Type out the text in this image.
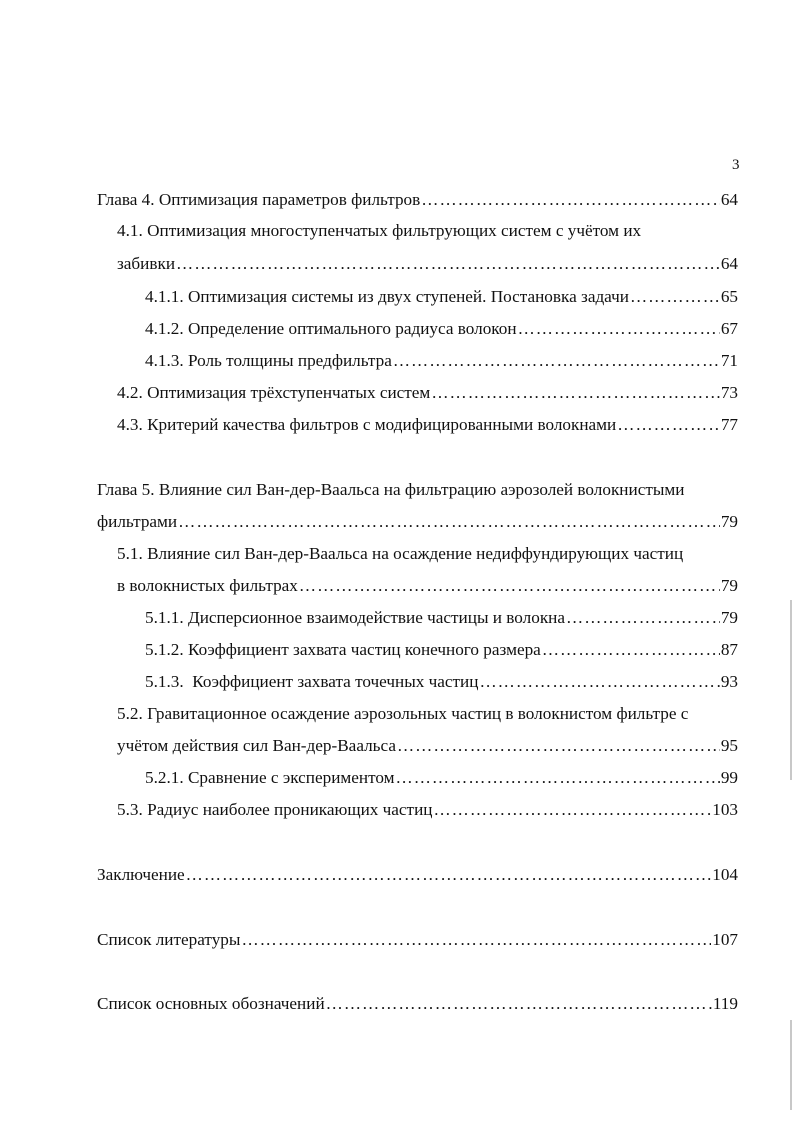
3
Глава 4. Оптимизация параметров фильтров ……………………………………………………………………………………………………………………………………	64
4.1. Оптимизация многоступенчатых фильтрующих систем с учётом их
забивки ……………………………………………………………………………………………………………………………………	64
4.1.1. Оптимизация системы из двух ступеней. Постановка задачи ……………………………………………………………………………………………………………………………………	65
4.1.2. Определение оптимального радиуса волокон ……………………………………………………………………………………………………………………………………	67
4.1.3. Роль толщины предфильтра ……………………………………………………………………………………………………………………………………	71
4.2. Оптимизация трёхступенчатых систем ……………………………………………………………………………………………………………………………………	73
4.3. Критерий качества фильтров с модифицированными волокнами ……………………………………………………………………………………………………………………………………	77
Глава 5. Влияние сил Ван-дер-Ваальса на фильтрацию аэрозолей волокнистыми
фильтрами ……………………………………………………………………………………………………………………………………	79
5.1. Влияние сил Ван-дер-Ваальса на осаждение недиффундирующих частиц
в волокнистых фильтрах ……………………………………………………………………………………………………………………………………	79
5.1.1. Дисперсионное взаимодействие частицы и волокна ……………………………………………………………………………………………………………………………………	79
5.1.2. Коэффициент захвата частиц конечного размера ……………………………………………………………………………………………………………………………………	87
5.1.3.  Коэффициент захвата точечных частиц ……………………………………………………………………………………………………………………………………	93
5.2. Гравитационное осаждение аэрозольных частиц в волокнистом фильтре с
учётом действия сил Ван-дер-Ваальса ……………………………………………………………………………………………………………………………………	95
5.2.1. Сравнение с экспериментом ……………………………………………………………………………………………………………………………………	99
5.3. Радиус наиболее проникающих частиц ……………………………………………………………………………………………………………………………………	103
Заключение ……………………………………………………………………………………………………………………………………	104
Список литературы ……………………………………………………………………………………………………………………………………	107
Список основных обозначений ……………………………………………………………………………………………………………………………………	119
